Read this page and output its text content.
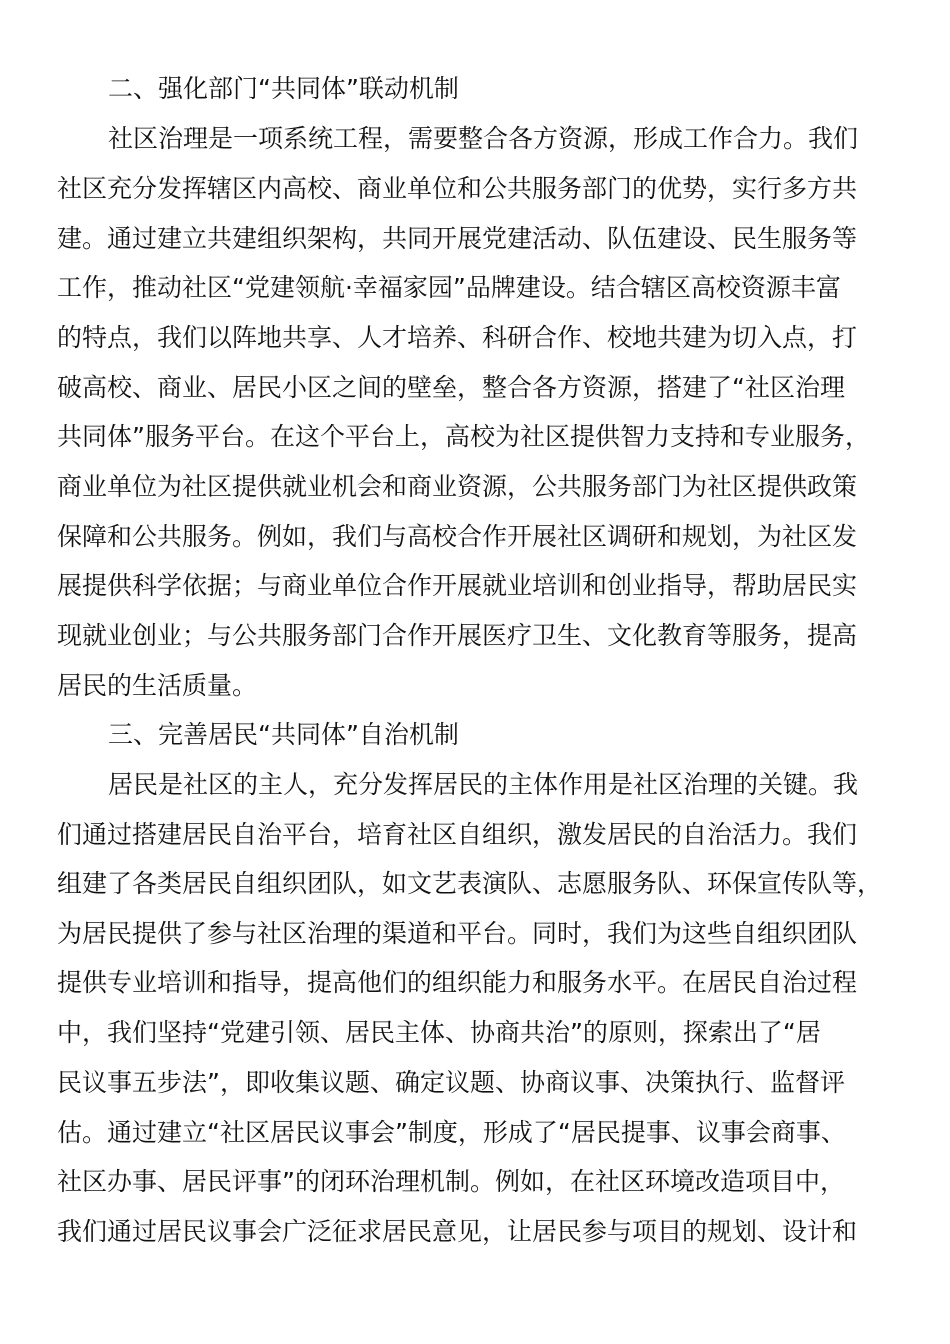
二、强化部门“共同体”联动机制
社区治理是一项系统工程，需要整合各方资源，形成工作合力。我们
社区充分发挥辖区内高校、商业单位和公共服务部门的优势，实行多方共
建。通过建立共建组织架构，共同开展党建活动、队伍建设、民生服务等
工作，推动社区“党建领航·幸福家园”品牌建设。结合辖区高校资源丰富
的特点，我们以阵地共享、人才培养、科研合作、校地共建为切入点，打
破高校、商业、居民小区之间的壁垒，整合各方资源，搭建了“社区治理
共同体”服务平台。在这个平台上，高校为社区提供智力支持和专业服务，
商业单位为社区提供就业机会和商业资源，公共服务部门为社区提供政策
保障和公共服务。例如，我们与高校合作开展社区调研和规划，为社区发
展提供科学依据；与商业单位合作开展就业培训和创业指导，帮助居民实
现就业创业；与公共服务部门合作开展医疗卫生、文化教育等服务，提高
居民的生活质量。
三、完善居民“共同体”自治机制
居民是社区的主人，充分发挥居民的主体作用是社区治理的关键。我
们通过搭建居民自治平台，培育社区自组织，激发居民的自治活力。我们
组建了各类居民自组织团队，如文艺表演队、志愿服务队、环保宣传队等，
为居民提供了参与社区治理的渠道和平台。同时，我们为这些自组织团队
提供专业培训和指导，提高他们的组织能力和服务水平。在居民自治过程
中，我们坚持“党建引领、居民主体、协商共治”的原则，探索出了“居
民议事五步法”，即收集议题、确定议题、协商议事、决策执行、监督评
估。通过建立“社区居民议事会”制度，形成了“居民提事、议事会商事、
社区办事、居民评事”的闭环治理机制。例如，在社区环境改造项目中，
我们通过居民议事会广泛征求居民意见，让居民参与项目的规划、设计和
